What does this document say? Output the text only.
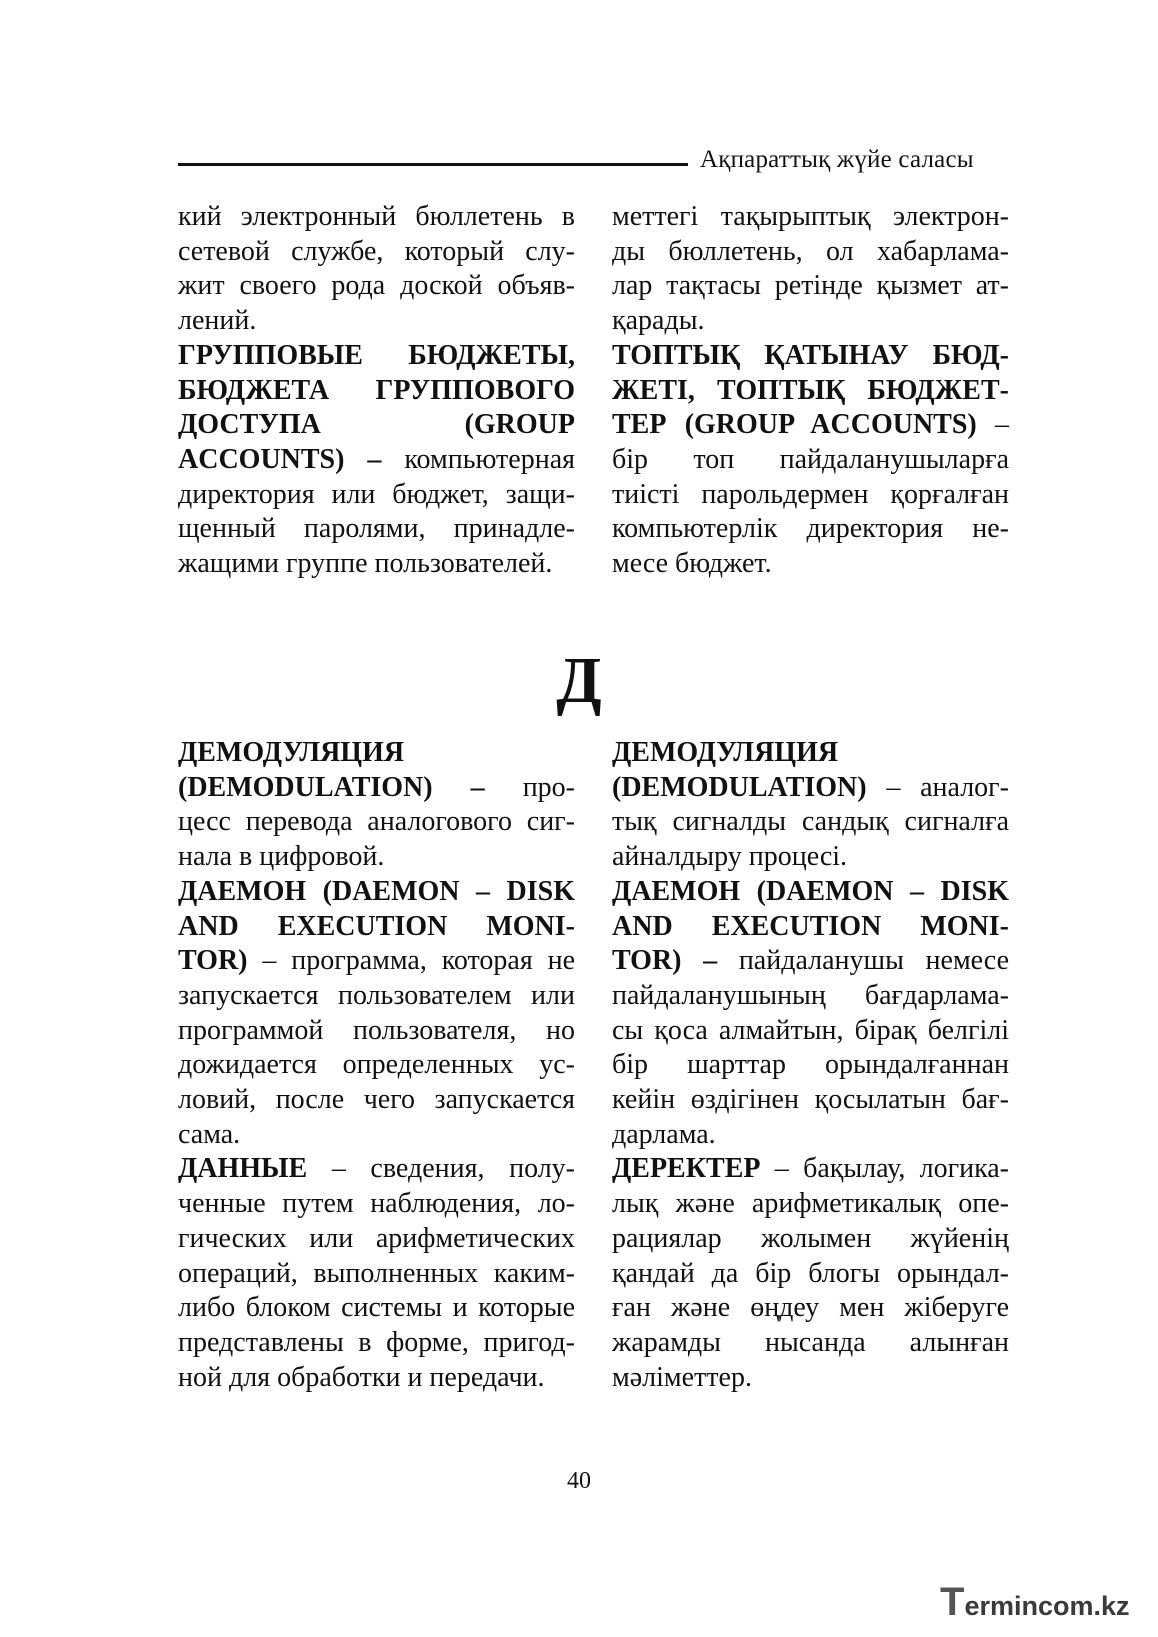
Ақпараттық жүйе саласы
кий электронный бюллетень в
сетевой службе, который слу-
жит своего рода доской объяв-
лений.
ГРУППОВЫЕ БЮДЖЕТЫ,
БЮДЖЕТА ГРУППОВОГО
ДОСТУПА (GROUP
ACCOUNTS) – компьютерная
директория или бюджет, защи-
щенный паролями, принадле-
жащими группе пользователей.
меттегі тақырыптық электрон-
ды бюллетень, ол хабарлама-
лар тақтасы ретінде қызмет ат-
қарады.
ТОПТЫҚ ҚАТЫНАУ БЮД-
ЖЕТІ, ТОПТЫҚ БЮДЖЕТ-
ТЕР (GROUP ACCOUNTS) –
бір топ пайдаланушыларға
тиісті парольдермен қорғалған
компьютерлік директория не-
месе бюджет.
Д
ДЕМОДУЛЯЦИЯ
(DEMODULATION) – про-
цесс перевода аналогового сиг-
нала в цифровой.
ДАЕМОН (DAEMON – DISK
AND EXECUTION MONI-
TOR) – программа, которая не
запускается пользователем или
программой пользователя, но
дожидается определенных ус-
ловий, после чего запускается
сама.
ДАННЫЕ – сведения, полу-
ченные путем наблюдения, ло-
гических или арифметических
операций, выполненных каким-
либо блоком системы и которые
представлены в форме, пригод-
ной для обработки и передачи.
ДЕМОДУЛЯЦИЯ
(DEMODULATION) – аналог-
тық сигналды сандық сигналға
айналдыру процесі.
ДАЕМОН (DAEMON – DISK
AND EXECUTION MONI-
TOR) – пайдаланушы немесе
пайдаланушының бағдарлама-
сы қоса алмайтын, бірақ белгілі
бір шарттар орындалғаннан
кейін өздігінен қосылатын бағ-
дарлама.
ДЕРЕКТЕР – бақылау, логика-
лық және арифметикалық опе-
рациялар жолымен жүйенің
қандай да бір блогы орындал-
ған және өңдеу мен жіберуге
жарамды нысанда алынған
мәліметтер.
40
Termincom.kz
